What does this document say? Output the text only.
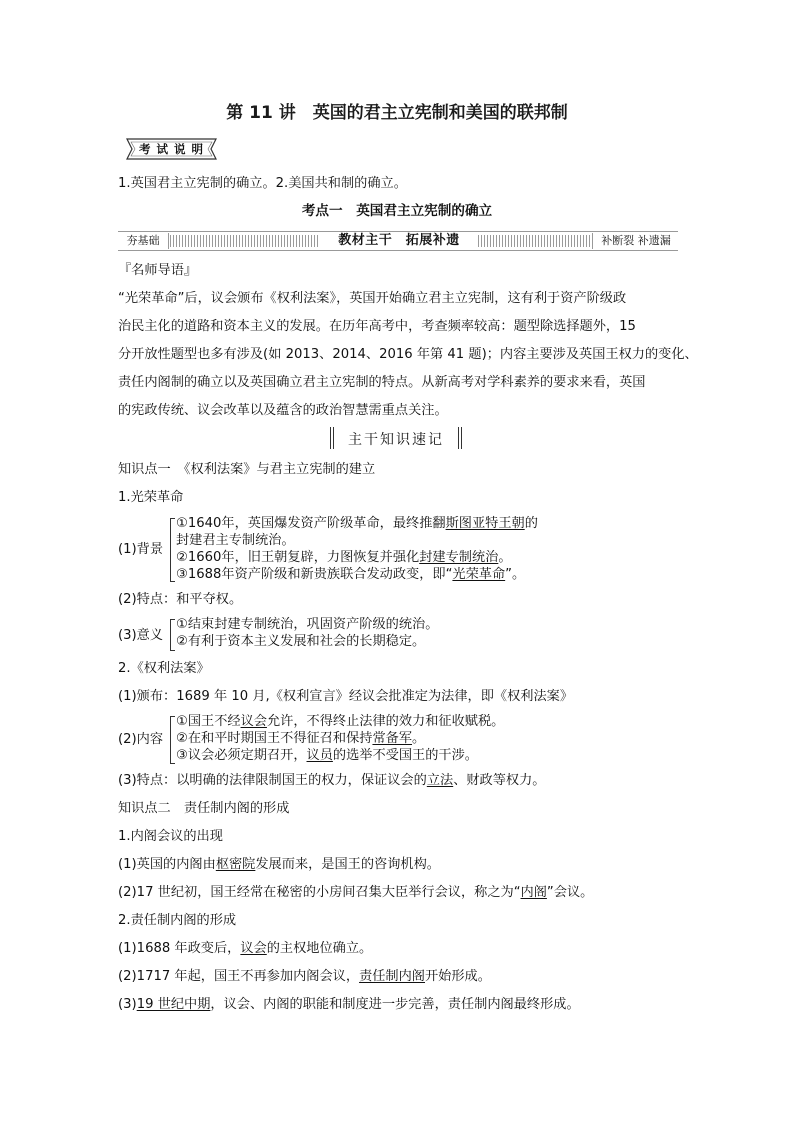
第 11 讲　英国的君主立宪制和美国的联邦制
考 试 说 明
1.英国君主立宪制的确立。2.美国共和制的确立。
考点一　英国君主立宪制的确立
夯基础	教材主干　拓展补遗	补断裂 补遗漏
『名师导语』
“光荣革命”后，议会颁布《权利法案》，英国开始确立君主立宪制，这有利于资产阶级政
治民主化的道路和资本主义的发展。在历年高考中，考查频率较高：题型除选择题外，15
分开放性题型也多有涉及(如 2013、2014、2016 年第 41 题)；内容主要涉及英国王权力的变化、
责任内阁制的确立以及英国确立君主立宪制的特点。从新高考对学科素养的要求来看，英国
的宪政传统、议会改革以及蕴含的政治智慧需重点关注。
主干知识速记
知识点一　《权利法案》与君主立宪制的建立
1.光荣革命
(1)背景
①1640年，英国爆发资产阶级革命，最终推翻斯图亚特王朝的
封建君主专制统治。
②1660年，旧王朝复辟，力图恢复并强化封建专制统治。
③1688年资产阶级和新贵族联合发动政变，即“光荣革命”。
(2)特点：和平夺权。
(3)意义
①结束封建专制统治，巩固资产阶级的统治。
②有利于资本主义发展和社会的长期稳定。
2.《权利法案》
(1)颁布：1689 年 10 月,《权利宣言》经议会批准定为法律，即《权利法案》
(2)内容
①国王不经议会允许，不得终止法律的效力和征收赋税。
②在和平时期国王不得征召和保持常备军。
③议会必须定期召开，议员的选举不受国王的干涉。
(3)特点：以明确的法律限制国王的权力，保证议会的立法、财政等权力。
知识点二　责任制内阁的形成
1.内阁会议的出现
(1)英国的内阁由枢密院发展而来，是国王的咨询机构。
(2)17 世纪初，国王经常在秘密的小房间召集大臣举行会议，称之为“内阁”会议。
2.责任制内阁的形成
(1)1688 年政变后，议会的主权地位确立。
(2)1717 年起，国王不再参加内阁会议，责任制内阁开始形成。
(3)19 世纪中期，议会、内阁的职能和制度进一步完善，责任制内阁最终形成。
